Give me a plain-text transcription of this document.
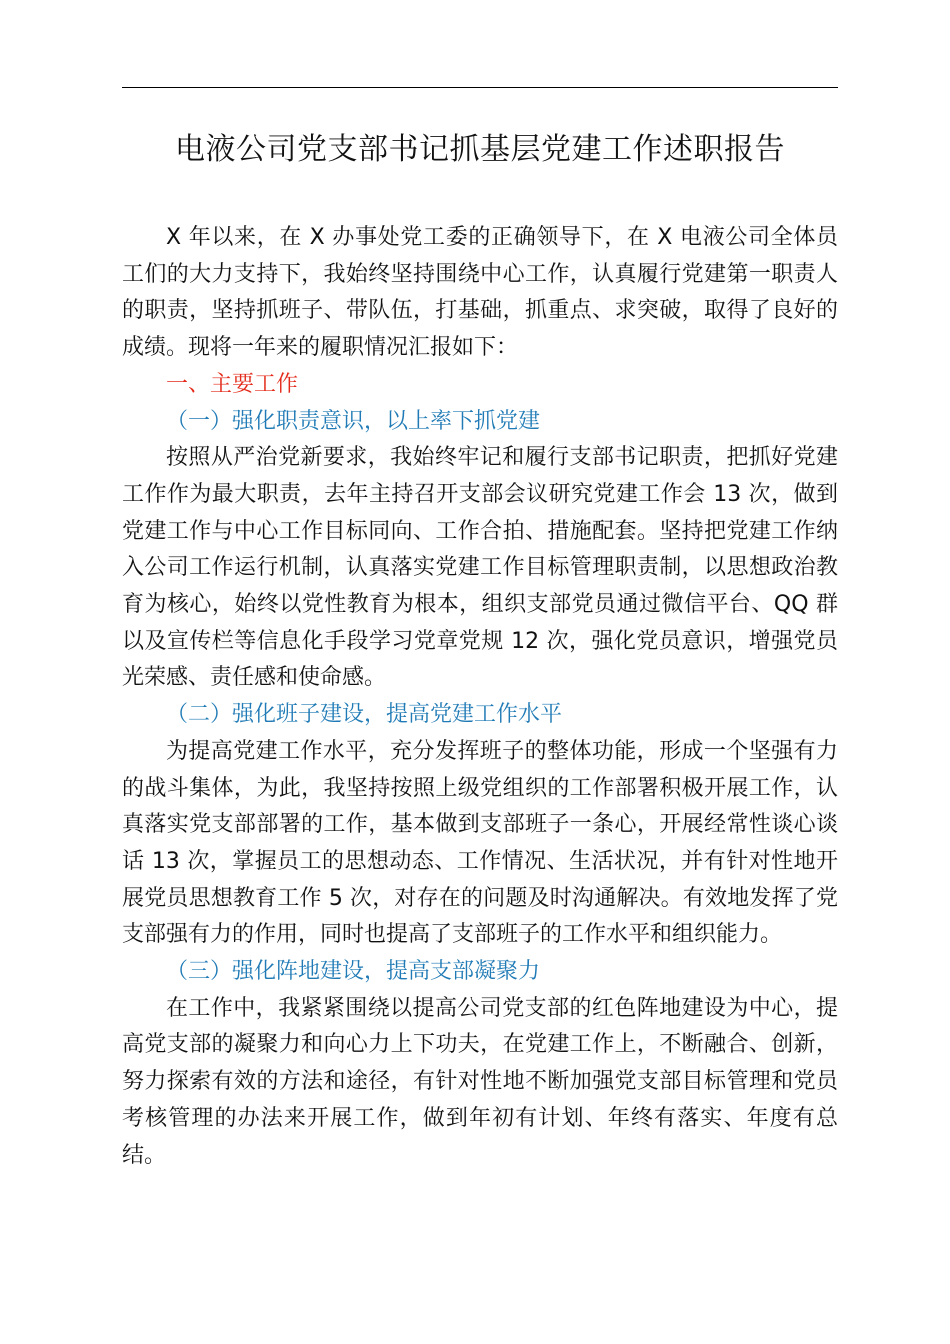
电液公司党支部书记抓基层党建工作述职报告

X 年以来，在 X 办事处党工委的正确领导下，在 X 电液公司全体员工们的大力支持下，我始终坚持围绕中心工作，认真履行党建第一职责人的职责，坚持抓班子、带队伍，打基础，抓重点、求突破，取得了良好的成绩。现将一年来的履职情况汇报如下：

一、主要工作

（一）强化职责意识，以上率下抓党建

按照从严治党新要求，我始终牢记和履行支部书记职责，把抓好党建工作作为最大职责，去年主持召开支部会议研究党建工作会 13 次，做到党建工作与中心工作目标同向、工作合拍、措施配套。坚持把党建工作纳入公司工作运行机制，认真落实党建工作目标管理职责制，以思想政治教育为核心，始终以党性教育为根本，组织支部党员通过微信平台、QQ 群以及宣传栏等信息化手段学习党章党规 12 次，强化党员意识，增强党员光荣感、责任感和使命感。

（二）强化班子建设，提高党建工作水平

为提高党建工作水平，充分发挥班子的整体功能，形成一个坚强有力的战斗集体，为此，我坚持按照上级党组织的工作部署积极开展工作，认真落实党支部部署的工作，基本做到支部班子一条心，开展经常性谈心谈话 13 次，掌握员工的思想动态、工作情况、生活状况，并有针对性地开展党员思想教育工作 5 次，对存在的问题及时沟通解决。有效地发挥了党支部强有力的作用，同时也提高了支部班子的工作水平和组织能力。

（三）强化阵地建设，提高支部凝聚力

在工作中，我紧紧围绕以提高公司党支部的红色阵地建设为中心，提高党支部的凝聚力和向心力上下功夫，在党建工作上，不断融合、创新，努力探索有效的方法和途径，有针对性地不断加强党支部目标管理和党员考核管理的办法来开展工作，做到年初有计划、年终有落实、年度有总结。
